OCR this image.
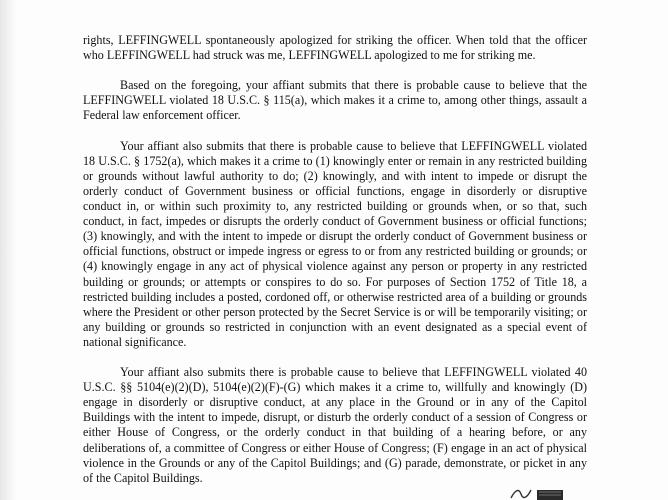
rights, LEFFINGWELL spontaneously apologized for striking the officer. When told that the officer who LEFFINGWELL had struck was me, LEFFINGWELL apologized to me for striking me.

Based on the foregoing, your affiant submits that there is probable cause to believe that the LEFFINGWELL violated 18 U.S.C. § 115(a), which makes it a crime to, among other things, assault a Federal law enforcement officer.

Your affiant also submits that there is probable cause to believe that LEFFINGWELL violated 18 U.S.C. § 1752(a), which makes it a crime to (1) knowingly enter or remain in any restricted building or grounds without lawful authority to do; (2) knowingly, and with intent to impede or disrupt the orderly conduct of Government business or official functions, engage in disorderly or disruptive conduct in, or within such proximity to, any restricted building or grounds when, or so that, such conduct, in fact, impedes or disrupts the orderly conduct of Government business or official functions; (3) knowingly, and with the intent to impede or disrupt the orderly conduct of Government business or official functions, obstruct or impede ingress or egress to or from any restricted building or grounds; or (4) knowingly engage in any act of physical violence against any person or property in any restricted building or grounds; or attempts or conspires to do so. For purposes of Section 1752 of Title 18, a restricted building includes a posted, cordoned off, or otherwise restricted area of a building or grounds where the President or other person protected by the Secret Service is or will be temporarily visiting; or any building or grounds so restricted in conjunction with an event designated as a special event of national significance.

Your affiant also submits there is probable cause to believe that LEFFINGWELL violated 40 U.S.C. §§ 5104(e)(2)(D), 5104(e)(2)(F)-(G) which makes it a crime to, willfully and knowingly (D) engage in disorderly or disruptive conduct, at any place in the Ground or in any of the Capitol Buildings with the intent to impede, disrupt, or disturb the orderly conduct of a session of Congress or either House of Congress, or the orderly conduct in that building of a hearing before, or any deliberations of, a committee of Congress or either House of Congress; (F) engage in an act of physical violence in the Grounds or any of the Capitol Buildings; and (G) parade, demonstrate, or picket in any of the Capitol Buildings.
